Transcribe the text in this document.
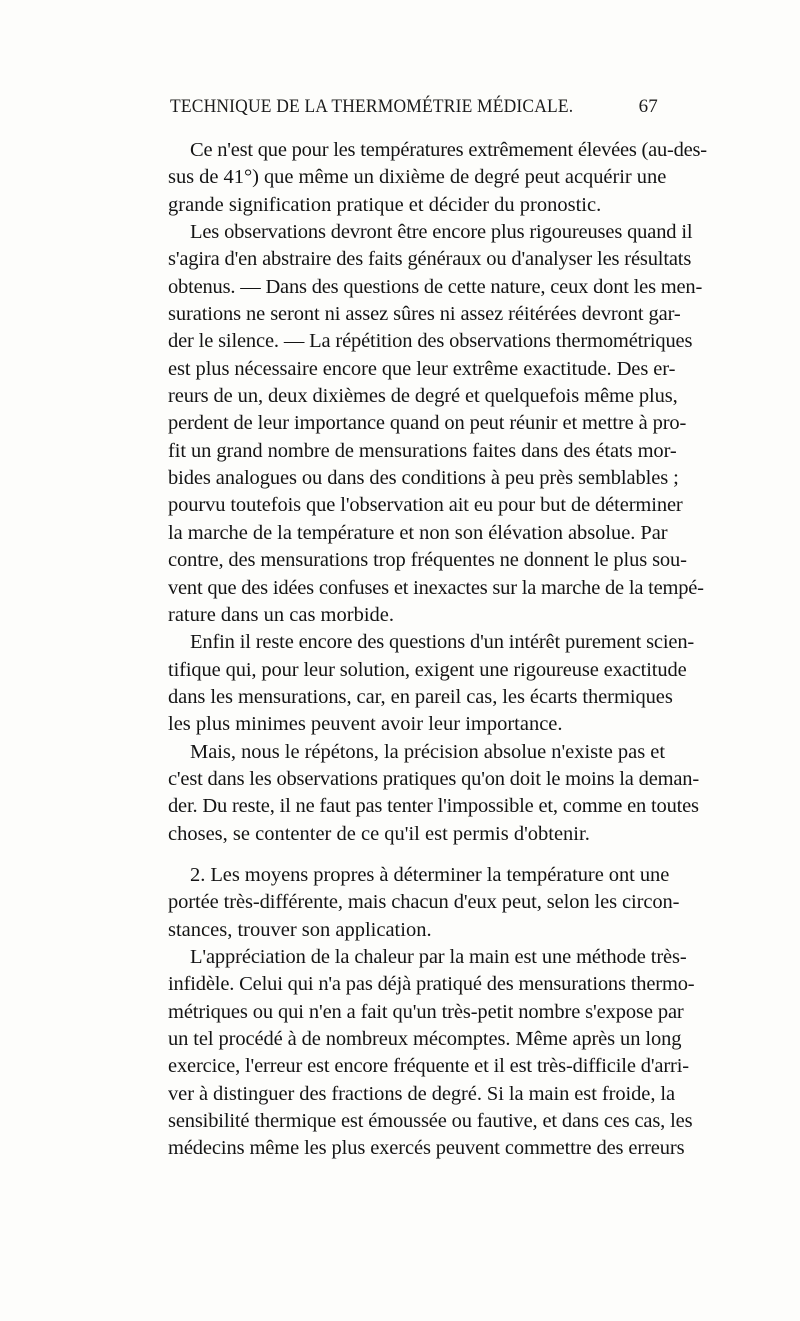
TECHNIQUE DE LA THERMOMÉTRIE MÉDICALE.	67
Ce n'est que pour les températures extrêmement élevées (au-des-
sus de 41°) que même un dixième de degré peut acquérir une
grande signification pratique et décider du pronostic.
Les observations devront être encore plus rigoureuses quand il
s'agira d'en abstraire des faits généraux ou d'analyser les résultats
obtenus. — Dans des questions de cette nature, ceux dont les men-
surations ne seront ni assez sûres ni assez réitérées devront gar-
der le silence. — La répétition des observations thermométriques
est plus nécessaire encore que leur extrême exactitude. Des er-
reurs de un, deux dixièmes de degré et quelquefois même plus,
perdent de leur importance quand on peut réunir et mettre à pro-
fit un grand nombre de mensurations faites dans des états mor-
bides analogues ou dans des conditions à peu près semblables ;
pourvu toutefois que l'observation ait eu pour but de déterminer
la marche de la température et non son élévation absolue. Par
contre, des mensurations trop fréquentes ne donnent le plus sou-
vent que des idées confuses et inexactes sur la marche de la tempé-
rature dans un cas morbide.
Enfin il reste encore des questions d'un intérêt purement scien-
tifique qui, pour leur solution, exigent une rigoureuse exactitude
dans les mensurations, car, en pareil cas, les écarts thermiques
les plus minimes peuvent avoir leur importance.
Mais, nous le répétons, la précision absolue n'existe pas et
c'est dans les observations pratiques qu'on doit le moins la deman-
der. Du reste, il ne faut pas tenter l'impossible et, comme en toutes
choses, se contenter de ce qu'il est permis d'obtenir.
2. Les moyens propres à déterminer la température ont une
portée très-différente, mais chacun d'eux peut, selon les circon-
stances, trouver son application.
L'appréciation de la chaleur par la main est une méthode très-
infidèle. Celui qui n'a pas déjà pratiqué des mensurations thermo-
métriques ou qui n'en a fait qu'un très-petit nombre s'expose par
un tel procédé à de nombreux mécomptes. Même après un long
exercice, l'erreur est encore fréquente et il est très-difficile d'arri-
ver à distinguer des fractions de degré. Si la main est froide, la
sensibilité thermique est émoussée ou fautive, et dans ces cas, les
médecins même les plus exercés peuvent commettre des erreurs
